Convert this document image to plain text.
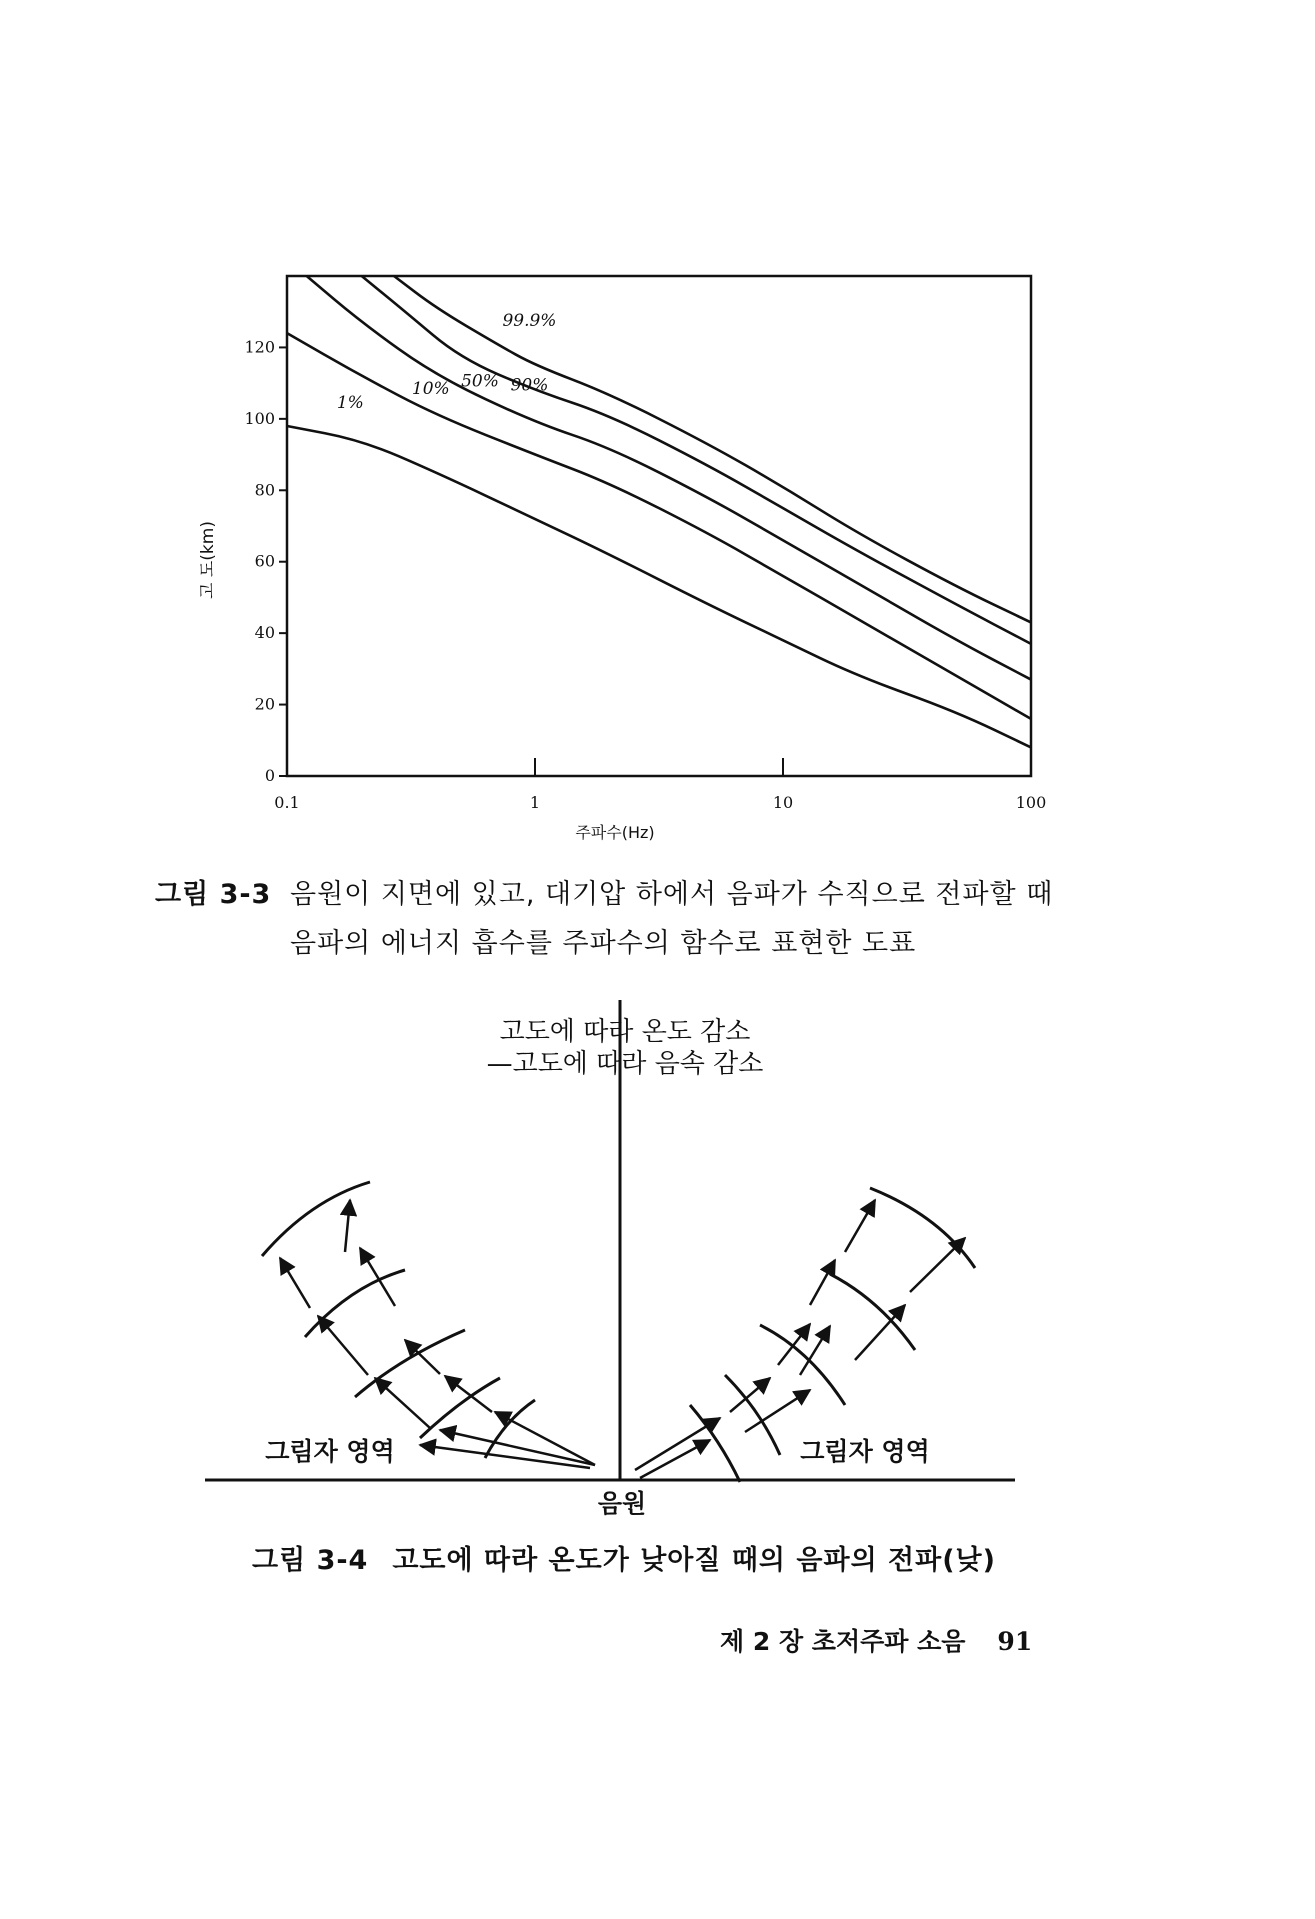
0
20
40
60
80
100
120
0.1	1	10	100
1%
10% 50% 90%
99.9%
주파수(Hz)
고 도(km)
그림 3-3 음원이 지면에 있고, 대기압 하에서 음파가 수직으로 전파할 때
음파의 에너지 흡수를 주파수의 함수로 표현한 도표
고도에 따라 온도 감소
—고도에 따라 음속 감소
그림자 영역	그림자 영역
음원
그림 3-4 고도에 따라 온도가 낮아질 때의 음파의 전파(낮)
제 2 장 초저주파 소음 91
